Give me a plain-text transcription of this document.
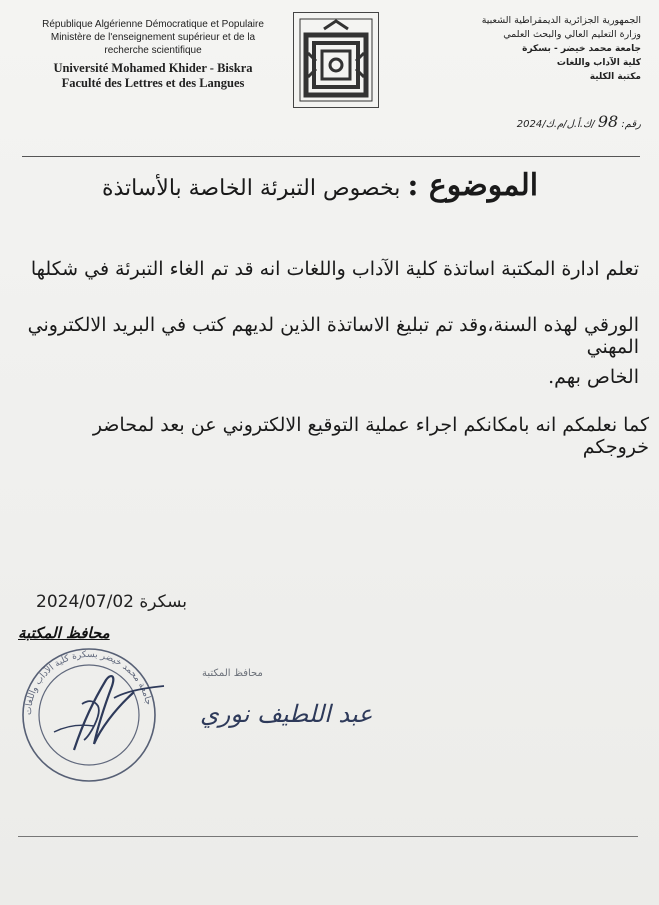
République Algérienne Démocratique et Populaire
Ministère de l'enseignement supérieur et de la
recherche scientifique
Université Mohamed Khider - Biskra
Faculté des Lettres et des Langues
الجمهورية الجزائرية الديمقراطية الشعبية
وزارة التعليم العالي والبحث العلمي
جامعة محمد خيضر - بسكرة
كلية الآداب واللغات
مكتبة الكلية
رقم: 98 /ك.أ.ل/م.ك/2024
الموضوع : بخصوص التبرئة الخاصة بالأساتذة
تعلم ادارة المكتبة اساتذة كلية الآداب واللغات انه قد تم الغاء التبرئة في شكلها
الورقي لهذه السنة،وقد تم تبليغ الاساتذة الذين لديهم كتب في البريد الالكتروني المهني
الخاص بهم.
كما نعلمكم انه بامكانكم اجراء عملية التوقيع الالكتروني عن بعد لمحاضر خروجكم
2024/07/02 بسكرة
محافظ المكتبة
جامعة محمد خيضر بسكرة كلية الآداب واللغات
محافظ المكتبة
عبد اللطيف نوري
